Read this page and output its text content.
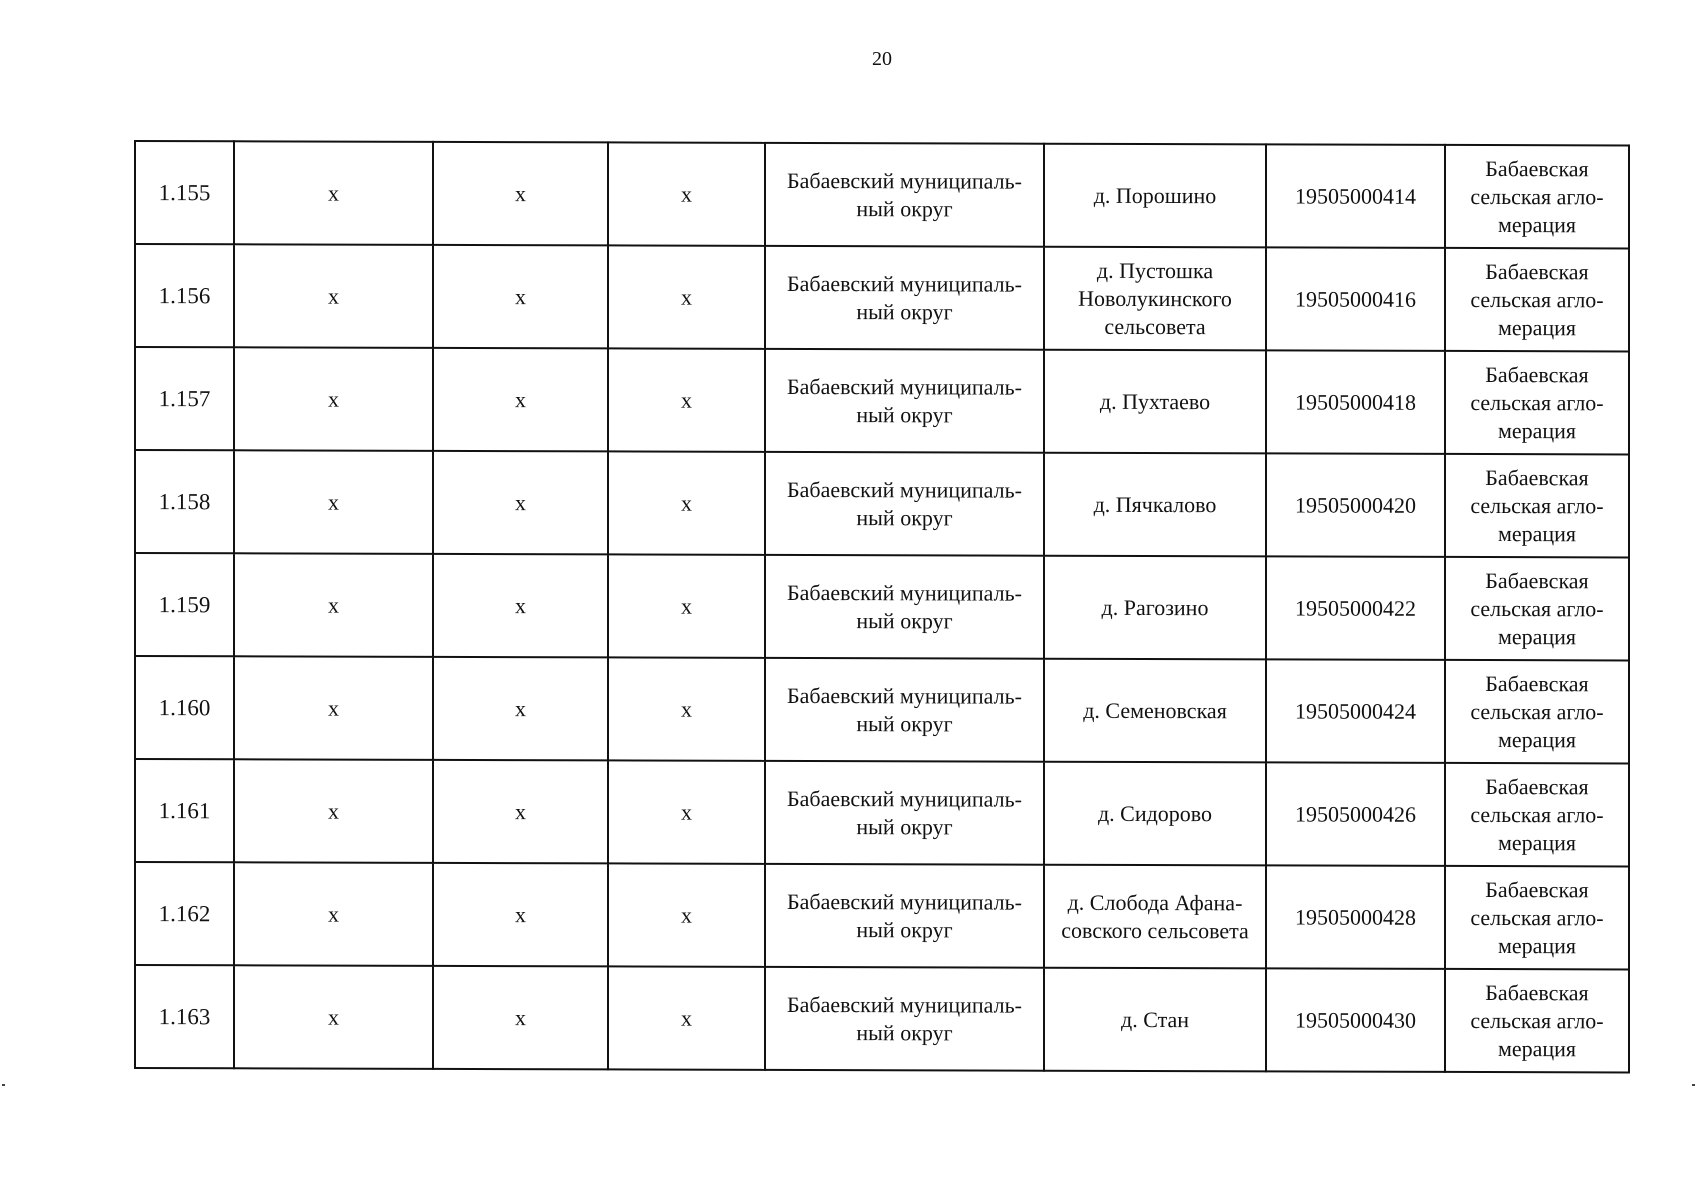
20
1.155	х	х	х	Бабаевский муниципаль-ный округ	д. Порошино	19505000414	Бабаевская сельская агло-мерация
1.156	х	х	х	Бабаевский муниципаль-ный округ	д. Пустошка Новолукинского сельсовета	19505000416	Бабаевская сельская агло-мерация
1.157	х	х	х	Бабаевский муниципаль-ный округ	д. Пухтаево	19505000418	Бабаевская сельская агло-мерация
1.158	х	х	х	Бабаевский муниципаль-ный округ	д. Пячкалово	19505000420	Бабаевская сельская агло-мерация
1.159	х	х	х	Бабаевский муниципаль-ный округ	д. Рагозино	19505000422	Бабаевская сельская агло-мерация
1.160	х	х	х	Бабаевский муниципаль-ный округ	д. Семеновская	19505000424	Бабаевская сельская агло-мерация
1.161	х	х	х	Бабаевский муниципаль-ный округ	д. Сидорово	19505000426	Бабаевская сельская агло-мерация
1.162	х	х	х	Бабаевский муниципаль-ный округ	д. Слобода Афана-совского сельсовета	19505000428	Бабаевская сельская агло-мерация
1.163	х	х	х	Бабаевский муниципаль-ный округ	д. Стан	19505000430	Бабаевская сельская агло-мерация
